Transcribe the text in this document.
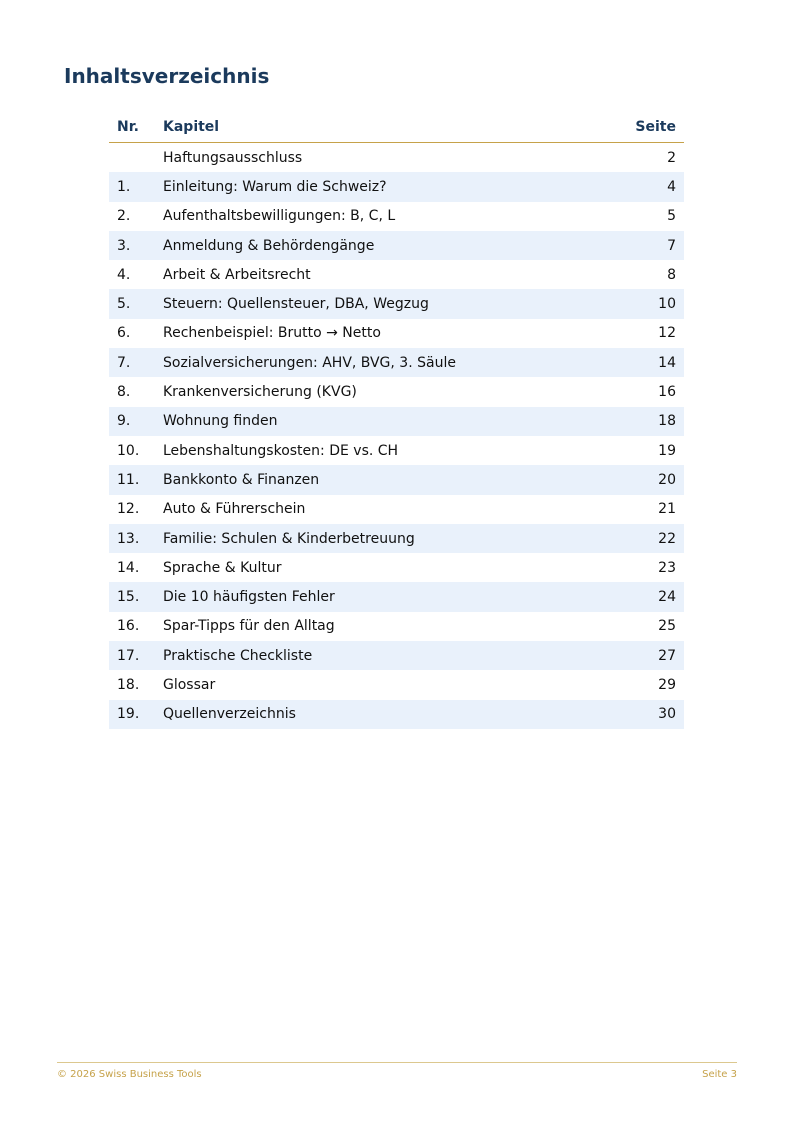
Inhaltsverzeichnis
Nr.	Kapitel	Seite
	Haftungsausschluss	2
1.	Einleitung: Warum die Schweiz?	4
2.	Aufenthaltsbewilligungen: B, C, L	5
3.	Anmeldung & Behördengänge	7
4.	Arbeit & Arbeitsrecht	8
5.	Steuern: Quellensteuer, DBA, Wegzug	10
6.	Rechenbeispiel: Brutto → Netto	12
7.	Sozialversicherungen: AHV, BVG, 3. Säule	14
8.	Krankenversicherung (KVG)	16
9.	Wohnung finden	18
10.	Lebenshaltungskosten: DE vs. CH	19
11.	Bankkonto & Finanzen	20
12.	Auto & Führerschein	21
13.	Familie: Schulen & Kinderbetreuung	22
14.	Sprache & Kultur	23
15.	Die 10 häufigsten Fehler	24
16.	Spar-Tipps für den Alltag	25
17.	Praktische Checkliste	27
18.	Glossar	29
19.	Quellenverzeichnis	30
© 2026 Swiss Business Tools	Seite 3
